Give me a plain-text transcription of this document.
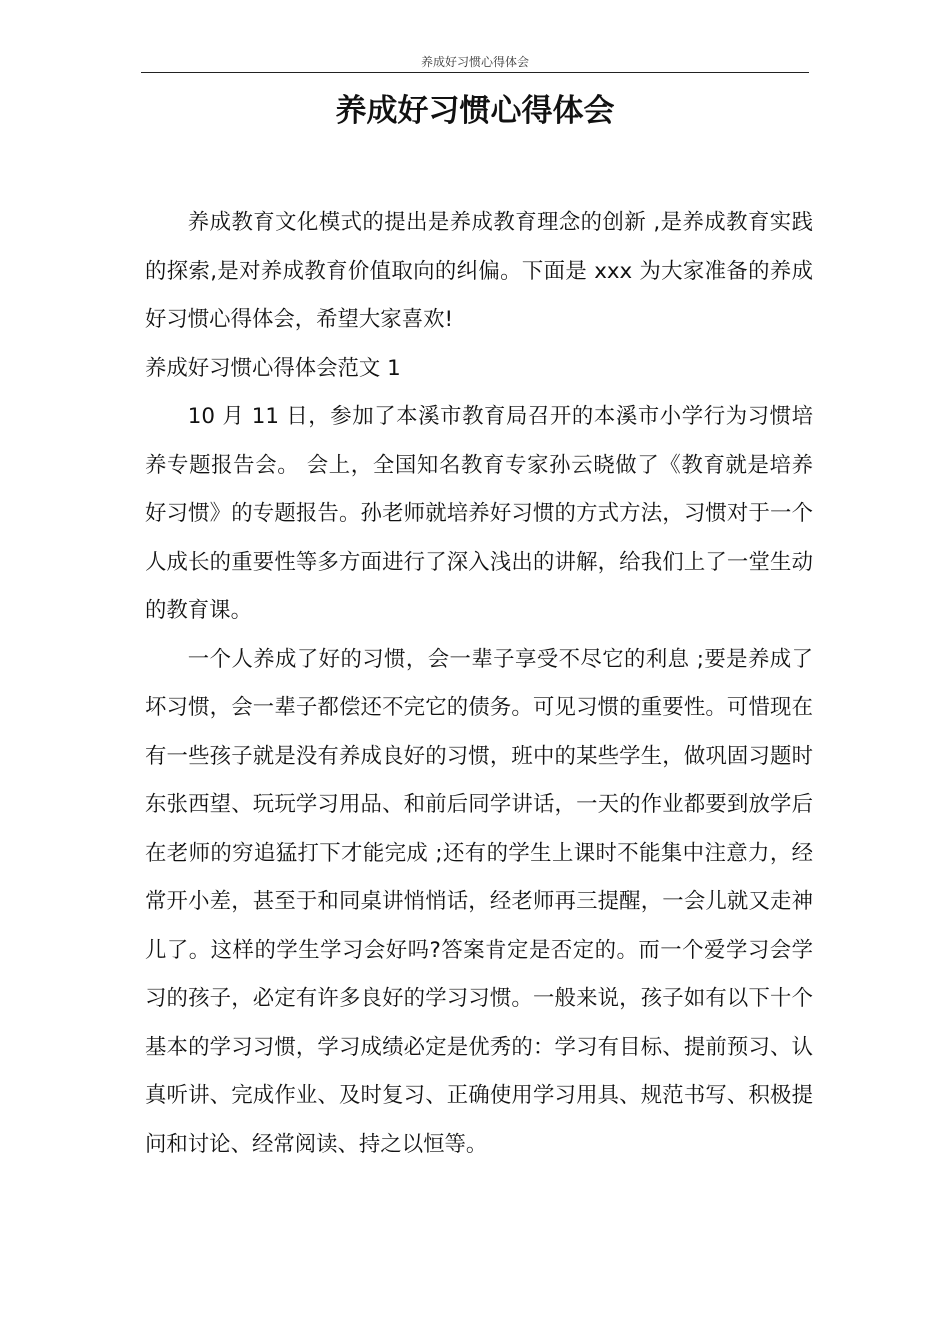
养成好习惯心得体会
养成好习惯心得体会

养成教育文化模式的提出是养成教育理念的创新 ,是养成教育实践的探索,是对养成教育价值取向的纠偏。下面是 xxx 为大家准备的养成好习惯心得体会，希望大家喜欢!

养成好习惯心得体会范文 1

10 月 11 日，参加了本溪市教育局召开的本溪市小学行为习惯培养专题报告会。 会上，全国知名教育专家孙云晓做了《教育就是培养好习惯》的专题报告。孙老师就培养好习惯的方式方法，习惯对于一个人成长的重要性等多方面进行了深入浅出的讲解，给我们上了一堂生动的教育课。

一个人养成了好的习惯，会一辈子享受不尽它的利息 ;要是养成了坏习惯，会一辈子都偿还不完它的债务。可见习惯的重要性。可惜现在有一些孩子就是没有养成良好的习惯，班中的某些学生，做巩固习题时东张西望、玩玩学习用品、和前后同学讲话，一天的作业都要到放学后在老师的穷追猛打下才能完成 ;还有的学生上课时不能集中注意力，经常开小差，甚至于和同桌讲悄悄话，经老师再三提醒，一会儿就又走神儿了。这样的学生学习会好吗?答案肯定是否定的。而一个爱学习会学习的孩子，必定有许多良好的学习习惯。一般来说，孩子如有以下十个基本的学习习惯，学习成绩必定是优秀的：学习有目标、提前预习、认真听讲、完成作业、及时复习、正确使用学习用具、规范书写、积极提问和讨论、经常阅读、持之以恒等。
